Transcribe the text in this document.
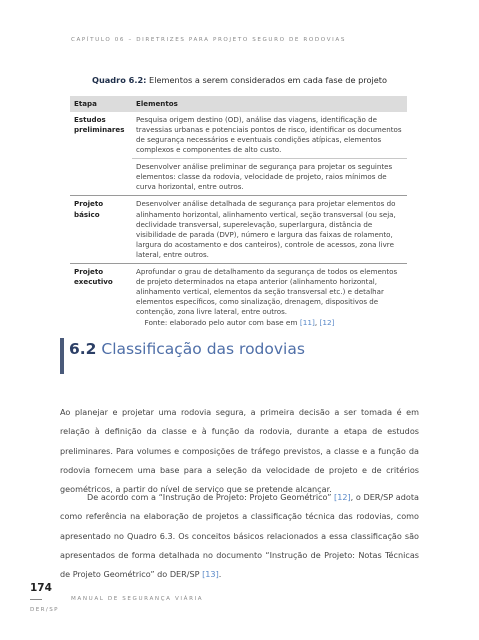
CAPÍTULO 06 – DIRETRIZES PARA PROJETO SEGURO DE RODOVIAS
Quadro 6.2: Elementos a serem considerados em cada fase de projeto
Etapa	Elementos
Estudos preliminares	Pesquisa origem destino (OD), análise das viagens, identificação de travessias urbanas e potenciais pontos de risco, identificar os documentos de segurança necessários e eventuais condições atípicas, elementos complexos e componentes de alto custo.
	Desenvolver análise preliminar de segurança para projetar os seguintes elementos: classe da rodovia, velocidade de projeto, raios mínimos de curva horizontal, entre outros.
Projeto básico	Desenvolver análise detalhada de segurança para projetar elementos do alinhamento horizontal, alinhamento vertical, seção transversal (ou seja, declividade transversal, superelevação, superlargura, distância de visibilidade de parada (DVP), número e largura das faixas de rolamento, largura do acostamento e dos canteiros), controle de acessos, zona livre lateral, entre outros.
Projeto executivo	Aprofundar o grau de detalhamento da segurança de todos os elementos de projeto determinados na etapa anterior (alinhamento horizontal, alinhamento vertical, elementos da seção transversal etc.) e detalhar elementos específicos, como sinalização, drenagem, dispositivos de contenção, zona livre lateral, entre outros.
Fonte: elaborado pelo autor com base em [11], [12]
6.2 Classificação das rodovias

Ao planejar e projetar uma rodovia segura, a primeira decisão a ser tomada é em relação à definição da classe e à função da rodovia, durante a etapa de estudos preliminares. Para volumes e composições de tráfego previstos, a classe e a função da rodovia fornecem uma base para a seleção da velocidade de projeto e de critérios geométricos, a partir do nível de serviço que se pretende alcançar.

De acordo com a “Instrução de Projeto: Projeto Geométrico” [12], o DER/SP adota como referência na elaboração de projetos a classificação técnica das rodovias, como apresentado no Quadro 6.3. Os conceitos básicos relacionados a essa classificação são apresentados de forma detalhada no documento “Instrução de Projeto: Notas Técnicas de Projeto Geométrico” do DER/SP [13].

174
MANUAL DE SEGURANÇA VIÁRIA
DER/SP
